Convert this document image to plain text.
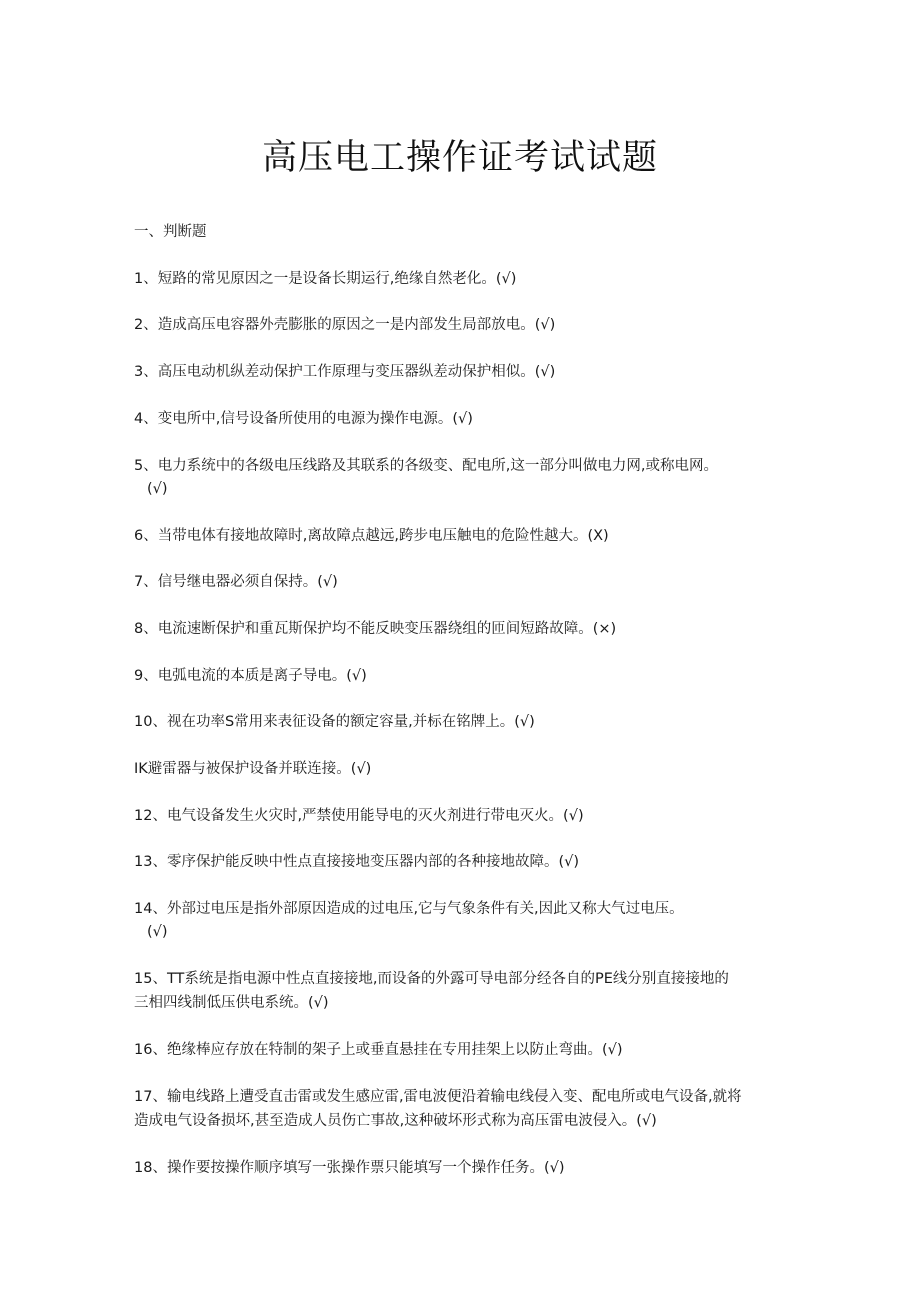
高压电工操作证考试试题
一、判断题
1、短路的常见原因之一是设备长期运行,绝缘自然老化。(√)
2、造成高压电容器外壳膨胀的原因之一是内部发生局部放电。(√)
3、高压电动机纵差动保护工作原理与变压器纵差动保护相似。(√)
4、变电所中,信号设备所使用的电源为操作电源。(√)
5、电力系统中的各级电压线路及其联系的各级变、配电所,这一部分叫做电力网,或称电网。
(√)
6、当带电体有接地故障时,离故障点越远,跨步电压触电的危险性越大。(X)
7、信号继电器必须自保持。(√)
8、电流速断保护和重瓦斯保护均不能反映变压器绕组的匝间短路故障。(×)
9、电弧电流的本质是离子导电。(√)
10、视在功率S常用来表征设备的额定容量,并标在铭牌上。(√)
IK避雷器与被保护设备并联连接。(√)
12、电气设备发生火灾时,严禁使用能导电的灭火剂进行带电灭火。(√)
13、零序保护能反映中性点直接接地变压器内部的各种接地故障。(√)
14、外部过电压是指外部原因造成的过电压,它与气象条件有关,因此又称大气过电压。
(√)
15、TT系统是指电源中性点直接接地,而设备的外露可导电部分经各自的PE线分别直接接地的
三相四线制低压供电系统。(√)
16、绝缘棒应存放在特制的架子上或垂直悬挂在专用挂架上以防止弯曲。(√)
17、输电线路上遭受直击雷或发生感应雷,雷电波便沿着输电线侵入变、配电所或电气设备,就将
造成电气设备损坏,甚至造成人员伤亡事故,这种破坏形式称为高压雷电波侵入。(√)
18、操作要按操作顺序填写一张操作票只能填写一个操作任务。(√)
